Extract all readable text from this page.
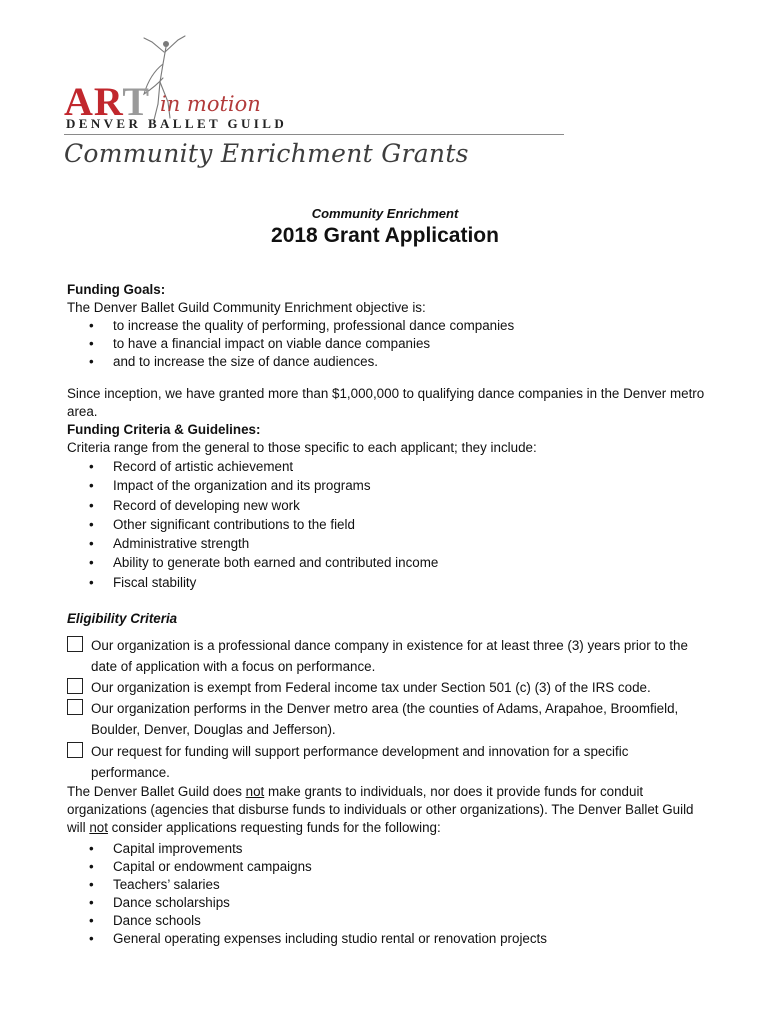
ART in motion
DENVER BALLET GUILD
Community Enrichment Grants
Community Enrichment
2018 Grant Application
Funding Goals:
The Denver Ballet Guild Community Enrichment objective is:
• to increase the quality of performing, professional dance companies
• to have a financial impact on viable dance companies
• and to increase the size of dance audiences.
Since inception, we have granted more than $1,000,000 to qualifying dance companies in the Denver metro area.
Funding Criteria & Guidelines:
Criteria range from the general to those specific to each applicant; they include:
• Record of artistic achievement
• Impact of the organization and its programs
• Record of developing new work
• Other significant contributions to the field
• Administrative strength
• Ability to generate both earned and contributed income
• Fiscal stability
Eligibility Criteria
Our organization is a professional dance company in existence for at least three (3) years prior to the date of application with a focus on performance.
Our organization is exempt from Federal income tax under Section 501 (c) (3) of the IRS code.
Our organization performs in the Denver metro area (the counties of Adams, Arapahoe, Broomfield, Boulder, Denver, Douglas and Jefferson).
Our request for funding will support performance development and innovation for a specific performance.
The Denver Ballet Guild does not make grants to individuals, nor does it provide funds for conduit organizations (agencies that disburse funds to individuals or other organizations). The Denver Ballet Guild will not consider applications requesting funds for the following:
• Capital improvements
• Capital or endowment campaigns
• Teachers’ salaries
• Dance scholarships
• Dance schools
• General operating expenses including studio rental or renovation projects
